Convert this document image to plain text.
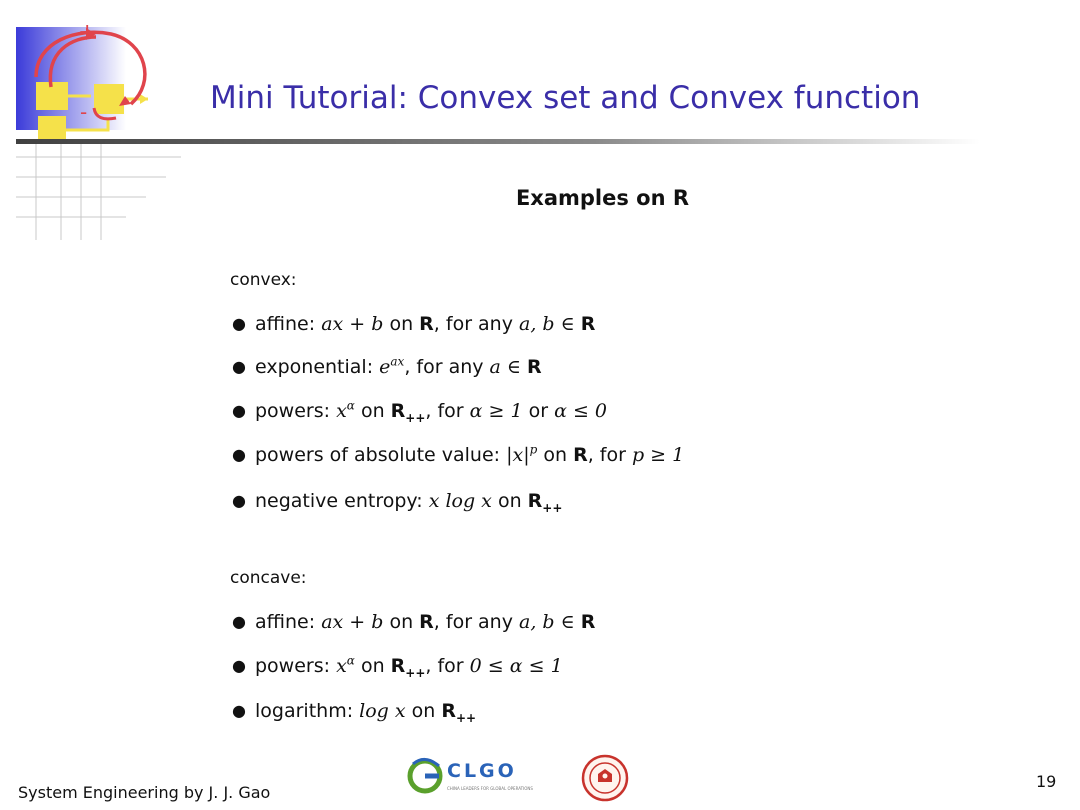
+
-	Mini Tutorial: Convex set and Convex function
Examples on R
convex:
● affine: ax + b on R, for any a, b ∈ R
● exponential: $e^{ax}$, for any a ∈ R
● powers: $x^\alpha$ on $R_{++}$, for α ≥ 1 or α ≤ 0
● powers of absolute value: $|x|^p$ on R, for p ≥ 1
● negative entropy: x log x on $R_{++}$
concave:
● affine: ax + b on R, for any a, b ∈ R
● powers: $x^\alpha$ on $R_{++}$, for 0 ≤ α ≤ 1
● logarithm: log x on $R_{++}$
System Engineering by J. J. Gao
CLGO
CHINA LEADERS FOR GLOBAL OPERATIONS	19
